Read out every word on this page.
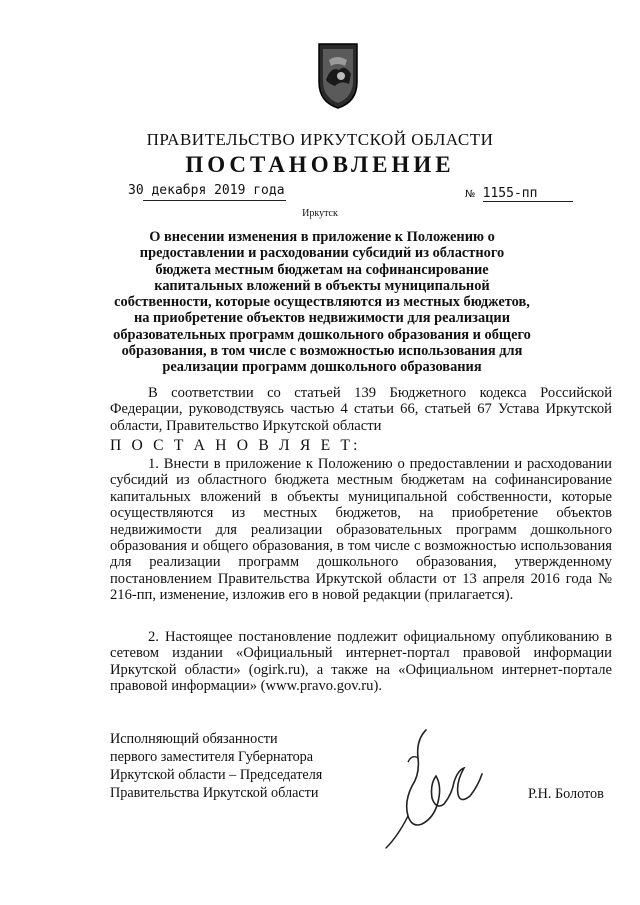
ПРАВИТЕЛЬСТВО ИРКУТСКОЙ ОБЛАСТИ
ПОСТАНОВЛЕНИЕ
30 декабря 2019 года	№ 1155-пп
Иркутск
О внесении изменения в приложение к Положению о предоставлении и расходовании субсидий из областного бюджета местным бюджетам на софинансирование капитальных вложений в объекты муниципальной собственности, которые осуществляются из местных бюджетов, на приобретение объектов недвижимости для реализации образовательных программ дошкольного образования и общего образования, в том числе с возможностью использования для реализации программ дошкольного образования
В соответствии со статьей 139 Бюджетного кодекса Российской Федерации, руководствуясь частью 4 статьи 66, статьей 67 Устава Иркутской области, Правительство Иркутской области
П О С Т А Н О В Л Я Е Т:
1. Внести в приложение к Положению о предоставлении и расходовании субсидий из областного бюджета местным бюджетам на софинансирование капитальных вложений в объекты муниципальной собственности, которые осуществляются из местных бюджетов, на приобретение объектов недвижимости для реализации образовательных программ дошкольного образования и общего образования, в том числе с возможностью использования для реализации программ дошкольного образования, утвержденному постановлением Правительства Иркутской области от 13 апреля 2016 года № 216-пп, изменение, изложив его в новой редакции (прилагается).
2. Настоящее постановление подлежит официальному опубликованию в сетевом издании «Официальный интернет-портал правовой информации Иркутской области» (ogirk.ru), а также на «Официальном интернет-портале правовой информации» (www.pravo.gov.ru).
Исполняющий обязанности
первого заместителя Губернатора
Иркутской области – Председателя
Правительства Иркутской области	Р.Н. Болотов
